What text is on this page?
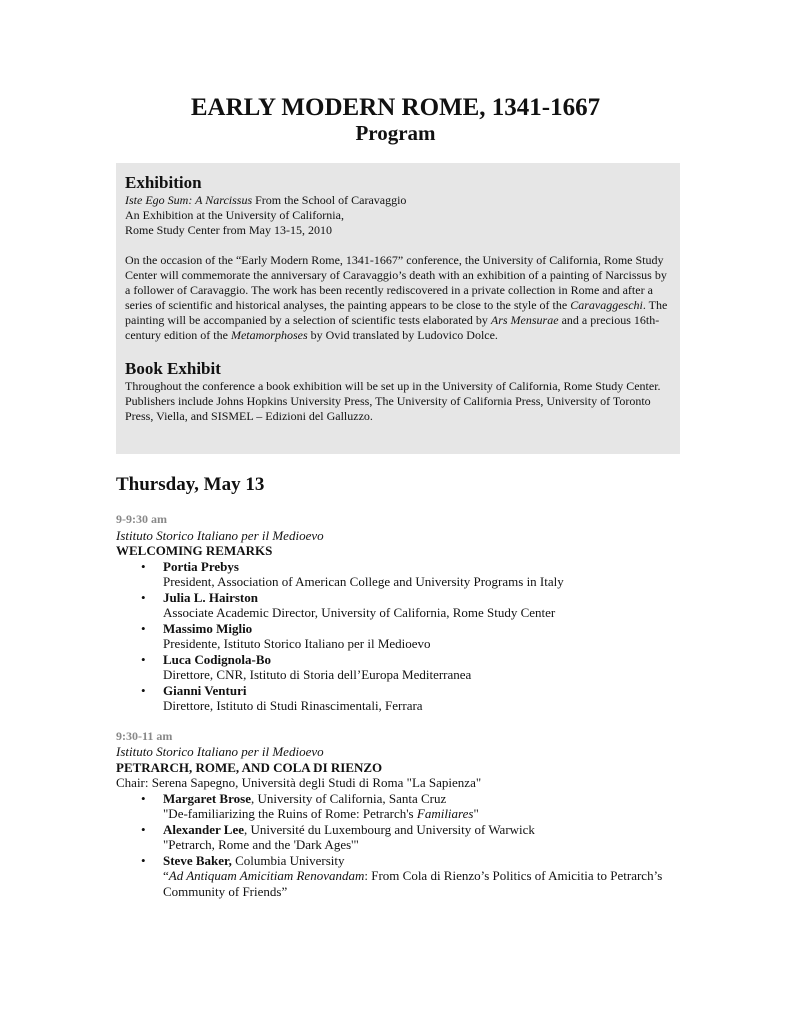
EARLY MODERN ROME, 1341-1667
Program

Exhibition

Iste Ego Sum: A Narcissus From the School of Caravaggio

An Exhibition at the University of California,

Rome Study Center from May 13-15, 2010

On the occasion of the “Early Modern Rome, 1341-1667” conference, the University of California, Rome Study Center will commemorate the anniversary of Caravaggio’s death with an exhibition of a painting of Narcissus by a follower of Caravaggio. The work has been recently rediscovered in a private collection in Rome and after a series of scientific and historical analyses, the painting appears to be close to the style of the Caravaggeschi. The painting will be accompanied by a selection of scientific tests elaborated by Ars Mensurae and a precious 16th-century edition of the Metamorphoses by Ovid translated by Ludovico Dolce.

Book Exhibit

Throughout the conference a book exhibition will be set up in the University of California, Rome Study Center. Publishers include Johns Hopkins University Press, The University of California Press, University of Toronto Press, Viella, and SISMEL – Edizioni del Galluzzo.

Thursday, May 13

9-9:30 am
Istituto Storico Italiano per il Medioevo
WELCOMING REMARKS
• Portia Prebys
President, Association of American College and University Programs in Italy
• Julia L. Hairston
Associate Academic Director, University of California, Rome Study Center
• Massimo Miglio
Presidente, Istituto Storico Italiano per il Medioevo
• Luca Codignola-Bo
Direttore, CNR, Istituto di Storia dell’Europa Mediterranea
• Gianni Venturi
Direttore, Istituto di Studi Rinascimentali, Ferrara
9:30-11 am
Istituto Storico Italiano per il Medioevo
PETRARCH, ROME, AND COLA DI RIENZO
Chair: Serena Sapegno, Università degli Studi di Roma "La Sapienza"
• Margaret Brose, University of California, Santa Cruz
"De-familiarizing the Ruins of Rome: Petrarch's Familiares"
• Alexander Lee, Université du Luxembourg and University of Warwick
"Petrarch, Rome and the 'Dark Ages'"
• Steve Baker, Columbia University
“Ad Antiquam Amicitiam Renovandam: From Cola di Rienzo’s Politics of Amicitia to Petrarch’s Community of Friends”
